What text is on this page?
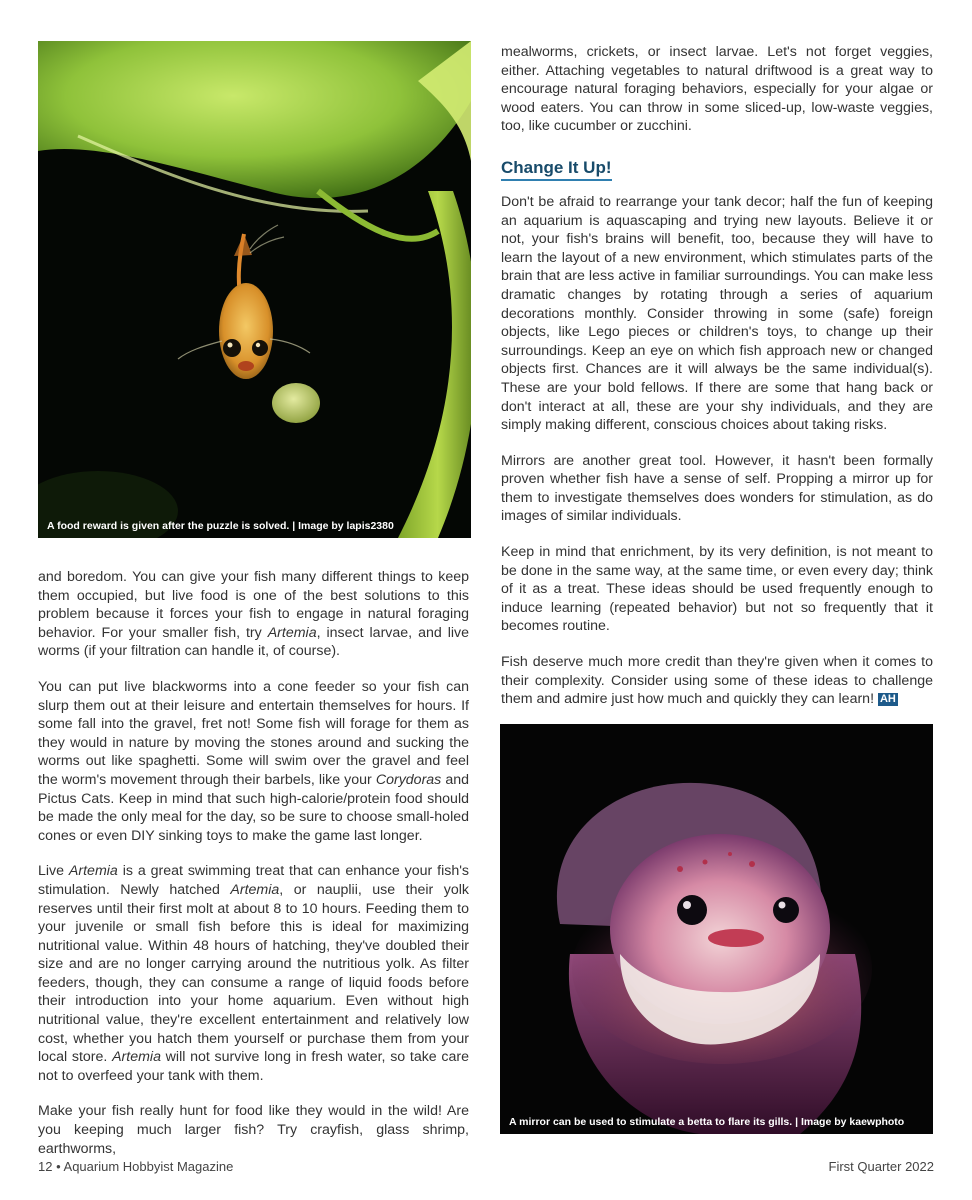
A food reward is given after the puzzle is solved. | Image by lapis2380

and boredom. You can give your fish many different things to keep them occupied, but live food is one of the best solutions to this problem because it forces your fish to engage in natural foraging behavior. For your smaller fish, try Artemia, insect larvae, and live worms (if your filtration can handle it, of course).

You can put live blackworms into a cone feeder so your fish can slurp them out at their leisure and entertain themselves for hours. If some fall into the gravel, fret not! Some fish will forage for them as they would in nature by moving the stones around and sucking the worms out like spaghetti. Some will swim over the gravel and feel the worm's movement through their barbels, like your Corydoras and Pictus Cats. Keep in mind that such high-calorie/protein food should be made the only meal for the day, so be sure to choose small-holed cones or even DIY sinking toys to make the game last longer.

Live Artemia is a great swimming treat that can enhance your fish's stimulation. Newly hatched Artemia, or nauplii, use their yolk reserves until their first molt at about 8 to 10 hours. Feeding them to your juvenile or small fish before this is ideal for maximizing nutritional value. Within 48 hours of hatching, they've doubled their size and are no longer carrying around the nutritious yolk. As filter feeders, though, they can consume a range of liquid foods before their introduction into your home aquarium. Even without high nutritional value, they're excellent entertainment and relatively low cost, whether you hatch them yourself or purchase them from your local store. Artemia will not survive long in fresh water, so take care not to overfeed your tank with them.

Make your fish really hunt for food like they would in the wild! Are you keeping much larger fish? Try crayfish, glass shrimp, earthworms,

mealworms, crickets, or insect larvae. Let's not forget veggies, either. Attaching vegetables to natural driftwood is a great way to encourage natural foraging behaviors, especially for your algae or wood eaters. You can throw in some sliced-up, low-waste veggies, too, like cucumber or zucchini.

Change It Up!

Don't be afraid to rearrange your tank decor; half the fun of keeping an aquarium is aquascaping and trying new layouts. Believe it or not, your fish's brains will benefit, too, because they will have to learn the layout of a new environment, which stimulates parts of the brain that are less active in familiar surroundings. You can make less dramatic changes by rotating through a series of aquarium decorations monthly. Consider throwing in some (safe) foreign objects, like Lego pieces or children's toys, to change up their surroundings. Keep an eye on which fish approach new or changed objects first. Chances are it will always be the same individual(s). These are your bold fellows. If there are some that hang back or don't interact at all, these are your shy individuals, and they are simply making different, conscious choices about taking risks.

Mirrors are another great tool. However, it hasn't been formally proven whether fish have a sense of self. Propping a mirror up for them to investigate themselves does wonders for stimulation, as do images of similar individuals.

Keep in mind that enrichment, by its very definition, is not meant to be done in the same way, at the same time, or even every day; think of it as a treat. These ideas should be used frequently enough to induce learning (repeated behavior) but not so frequently that it becomes routine.

Fish deserve much more credit than they're given when it comes to their complexity. Consider using some of these ideas to challenge them and admire just how much and quickly they can learn! AH

A mirror can be used to stimulate a betta to flare its gills. | Image by kaewphoto
12 • Aquarium Hobbyist Magazine	First Quarter 2022
